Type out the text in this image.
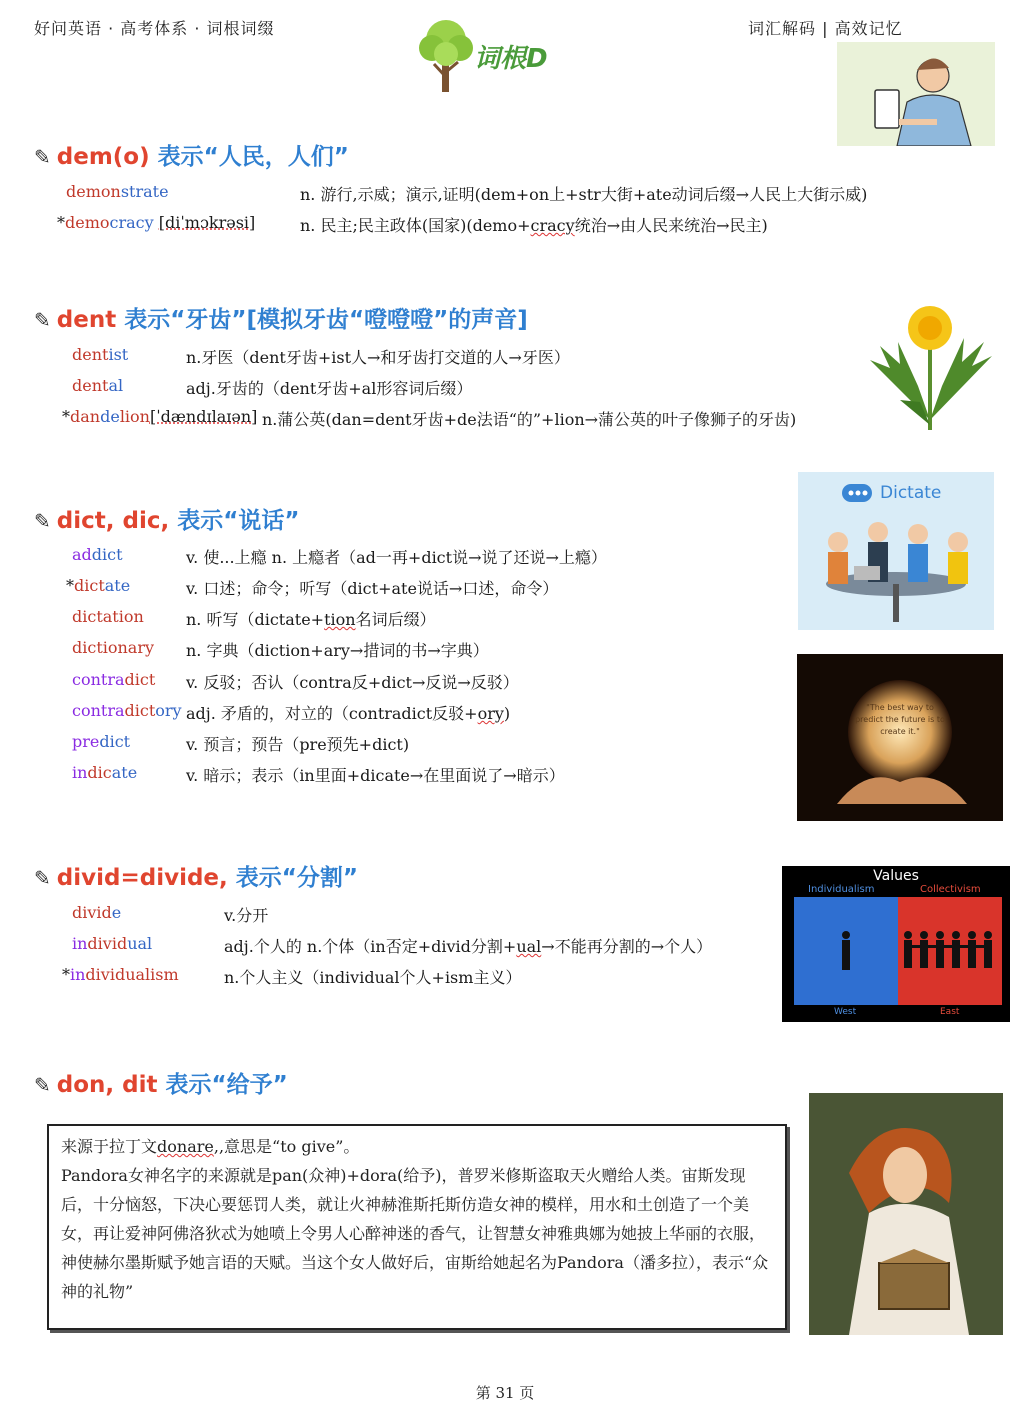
好问英语 · 高考体系 · 词根词缀	词汇解码 | 高效记忆
词根D
✎ dem(o) 表示“人民，人们”
demonstrate	n. 游行,示威；演示,证明(dem+on上+str大街+ate动词后缀→人民上大街示威)
*democracy [diˈmɔkrəsi]	n. 民主;民主政体(国家)(demo+cracy统治→由人民来统治→民主)
✎ dent 表示“牙齿”[模拟牙齿“噔噔噔”的声音]
dentist	n.牙医（dent牙齿+ist人→和牙齿打交道的人→牙医）
dental	adj.牙齿的（dent牙齿+al形容词后缀）
*dandelion[ˈdændɪlaɪən] n.蒲公英(dan=dent牙齿+de法语“的”+lion→蒲公英的叶子像狮子的牙齿)
✎ dict, dic, 表示“说话”
addict	v. 使...上瘾 n. 上瘾者（ad一再+dict说→说了还说→上瘾）
*dictate	v. 口述；命令；听写（dict+ate说话→口述，命令）
dictation	n. 听写（dictate+tion名词后缀）
dictionary n. 字典（diction+ary→措词的书→字典）
contradict v. 反驳；否认（contra反+dict→反说→反驳）
contradictory adj. 矛盾的，对立的（contradict反驳+ory)
predict	v. 预言；预告（pre预先+dict)
indicate	v. 暗示；表示（in里面+dicate→在里面说了→暗示）
Dictate
"The best way to predict the future is to create it."
✎ divid=divide, 表示“分割”
divide	v.分开
individual	adj.个人的 n.个体（in否定+divid分割+ual→不能再分割的→个人）
*individualism	n.个人主义（individual个人+ism主义）
Values
Individualism	Collectivism
West	East
✎ don, dit 表示“给予”
来源于拉丁文donare,,意思是“to give”。
Pandora女神名字的来源就是pan(众神)+dora(给予)，普罗米修斯盗取天火赠给人类。宙斯发现后，十分恼怒，下决心要惩罚人类，就让火神赫淮斯托斯仿造女神的模样，用水和土创造了一个美女，再让爱神阿佛洛狄忒为她喷上令男人心醉神迷的香气，让智慧女神雅典娜为她披上华丽的衣服，神使赫尔墨斯赋予她言语的天赋。当这个女人做好后，宙斯给她起名为Pandora（潘多拉），表示“众神的礼物”
第 31 页
